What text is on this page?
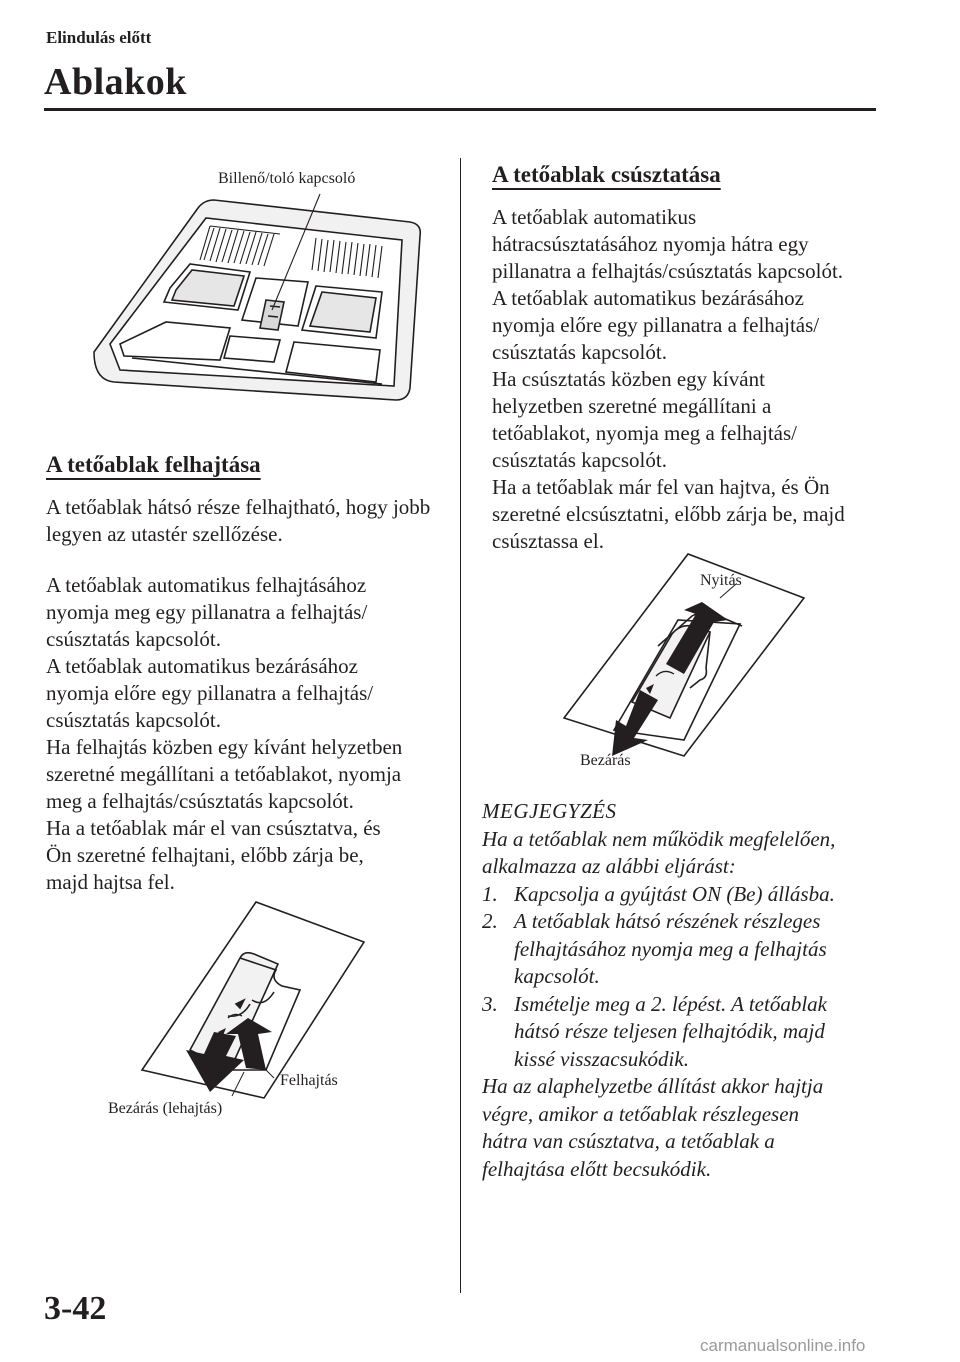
Elindulás előtt
Ablakok
Billenő/toló kapcsoló
A tetőablak felhajtása

A tetőablak hátsó része felhajtható, hogy jobb legyen az utastér szellőzése.

A tetőablak automatikus felhajtásához

nyomja meg egy pillanatra a felhajtás/

csúsztatás kapcsolót.

A tetőablak automatikus bezárásához

nyomja előre egy pillanatra a felhajtás/

csúsztatás kapcsolót.

Ha felhajtás közben egy kívánt helyzetben

szeretné megállítani a tetőablakot, nyomja

meg a felhajtás/csúsztatás kapcsolót.

Ha a tetőablak már el van csúsztatva, és

Ön szeretné felhajtani, előbb zárja be,

majd hajtsa fel.

Felhajtás
Bezárás (lehajtás)
A tetőablak csúsztatása

A tetőablak automatikus

hátracsúsztatásához nyomja hátra egy

pillanatra a felhajtás/csúsztatás kapcsolót.

A tetőablak automatikus bezárásához

nyomja előre egy pillanatra a felhajtás/

csúsztatás kapcsolót.

Ha csúsztatás közben egy kívánt

helyzetben szeretné megállítani a

tetőablakot, nyomja meg a felhajtás/

csúsztatás kapcsolót.

Ha a tetőablak már fel van hajtva, és Ön

szeretné elcsúsztatni, előbb zárja be, majd

csúsztassa el.

Nyitás
Bezárás

MEGJEGYZÉS

Ha a tetőablak nem működik megfelelően,

alkalmazza az alábbi eljárást:

1. Kapcsolja a gyújtást ON (Be) állásba.

2. A tetőablak hátsó részének részleges

felhajtásához nyomja meg a felhajtás

kapcsolót.

3. Ismételje meg a 2. lépést. A tetőablak

hátsó része teljesen felhajtódik, majd

kissé visszacsukódik.

Ha az alaphelyzetbe állítást akkor hajtja

végre, amikor a tetőablak részlegesen

hátra van csúsztatva, a tetőablak a

felhajtása előtt becsukódik.

3-42
carmanualsonline.info
